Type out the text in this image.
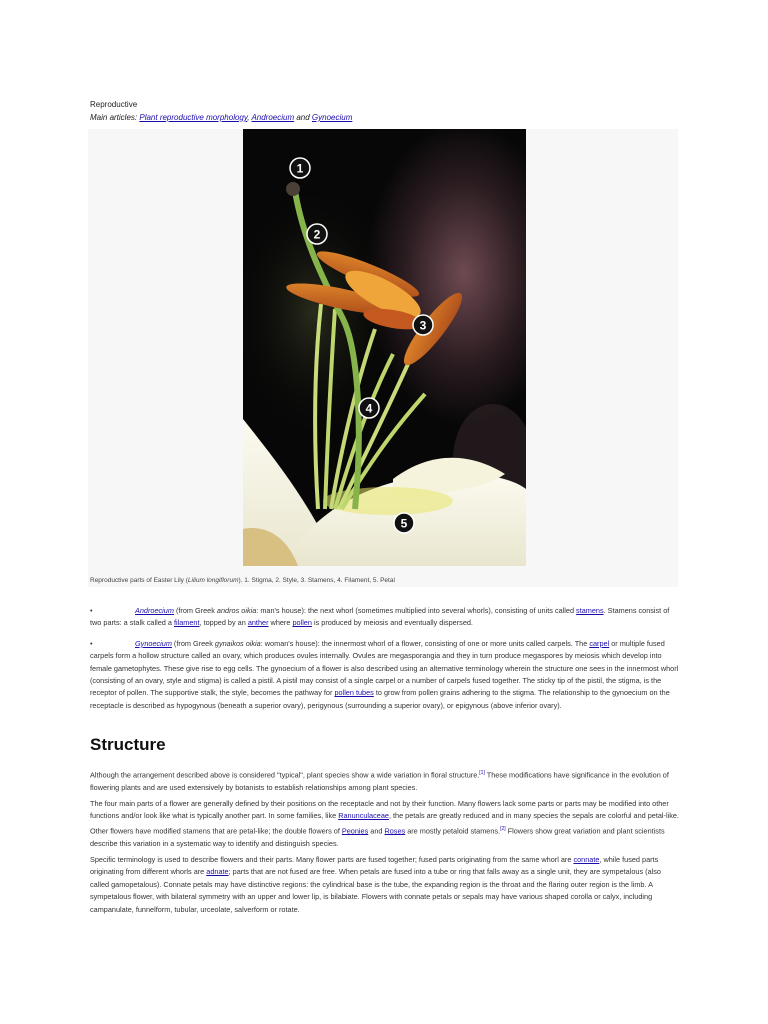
Reproductive
Main articles: Plant reproductive morphology, Androecium and Gynoecium
1
2
3
4
5
Reproductive parts of Easter Lily (Lilium longiflorum). 1. Stigma, 2. Style, 3. Stamens, 4. Filament, 5. Petal
•	Androecium (from Greek andros oikia: man's house): the next whorl (sometimes multiplied into several whorls), consisting of units called stamens. Stamens consist of two parts: a stalk called a filament, topped by an anther where pollen is produced by meiosis and eventually dispersed.
•	Gynoecium (from Greek gynaikos oikia: woman's house): the innermost whorl of a flower, consisting of one or more units called carpels. The carpel or multiple fused carpels form a hollow structure called an ovary, which produces ovules internally. Ovules are megasporangia and they in turn produce megaspores by meiosis which develop into female gametophytes. These give rise to egg cells. The gynoecium of a flower is also described using an alternative terminology wherein the structure one sees in the innermost whorl (consisting of an ovary, style and stigma) is called a pistil. A pistil may consist of a single carpel or a number of carpels fused together. The sticky tip of the pistil, the stigma, is the receptor of pollen. The supportive stalk, the style, becomes the pathway for pollen tubes to grow from pollen grains adhering to the stigma. The relationship to the gynoecium on the receptacle is described as hypogynous (beneath a superior ovary), perigynous (surrounding a superior ovary), or epigynous (above inferior ovary).
Structure

Although the arrangement described above is considered "typical", plant species show a wide variation in floral structure.[1] These modifications have significance in the evolution of flowering plants and are used extensively by botanists to establish relationships among plant species.

The four main parts of a flower are generally defined by their positions on the receptacle and not by their function. Many flowers lack some parts or parts may be modified into other functions and/or look like what is typically another part. In some families, like Ranunculaceae, the petals are greatly reduced and in many species the sepals are colorful and petal-like. Other flowers have modified stamens that are petal-like; the double flowers of Peonies and Roses are mostly petaloid stamens.[2] Flowers show great variation and plant scientists describe this variation in a systematic way to identify and distinguish species.

Specific terminology is used to describe flowers and their parts. Many flower parts are fused together; fused parts originating from the same whorl are connate, while fused parts originating from different whorls are adnate; parts that are not fused are free. When petals are fused into a tube or ring that falls away as a single unit, they are sympetalous (also called gamopetalous). Connate petals may have distinctive regions: the cylindrical base is the tube, the expanding region is the throat and the flaring outer region is the limb. A sympetalous flower, with bilateral symmetry with an upper and lower lip, is bilabiate. Flowers with connate petals or sepals may have various shaped corolla or calyx, including campanulate, funnelform, tubular, urceolate, salverform or rotate.
